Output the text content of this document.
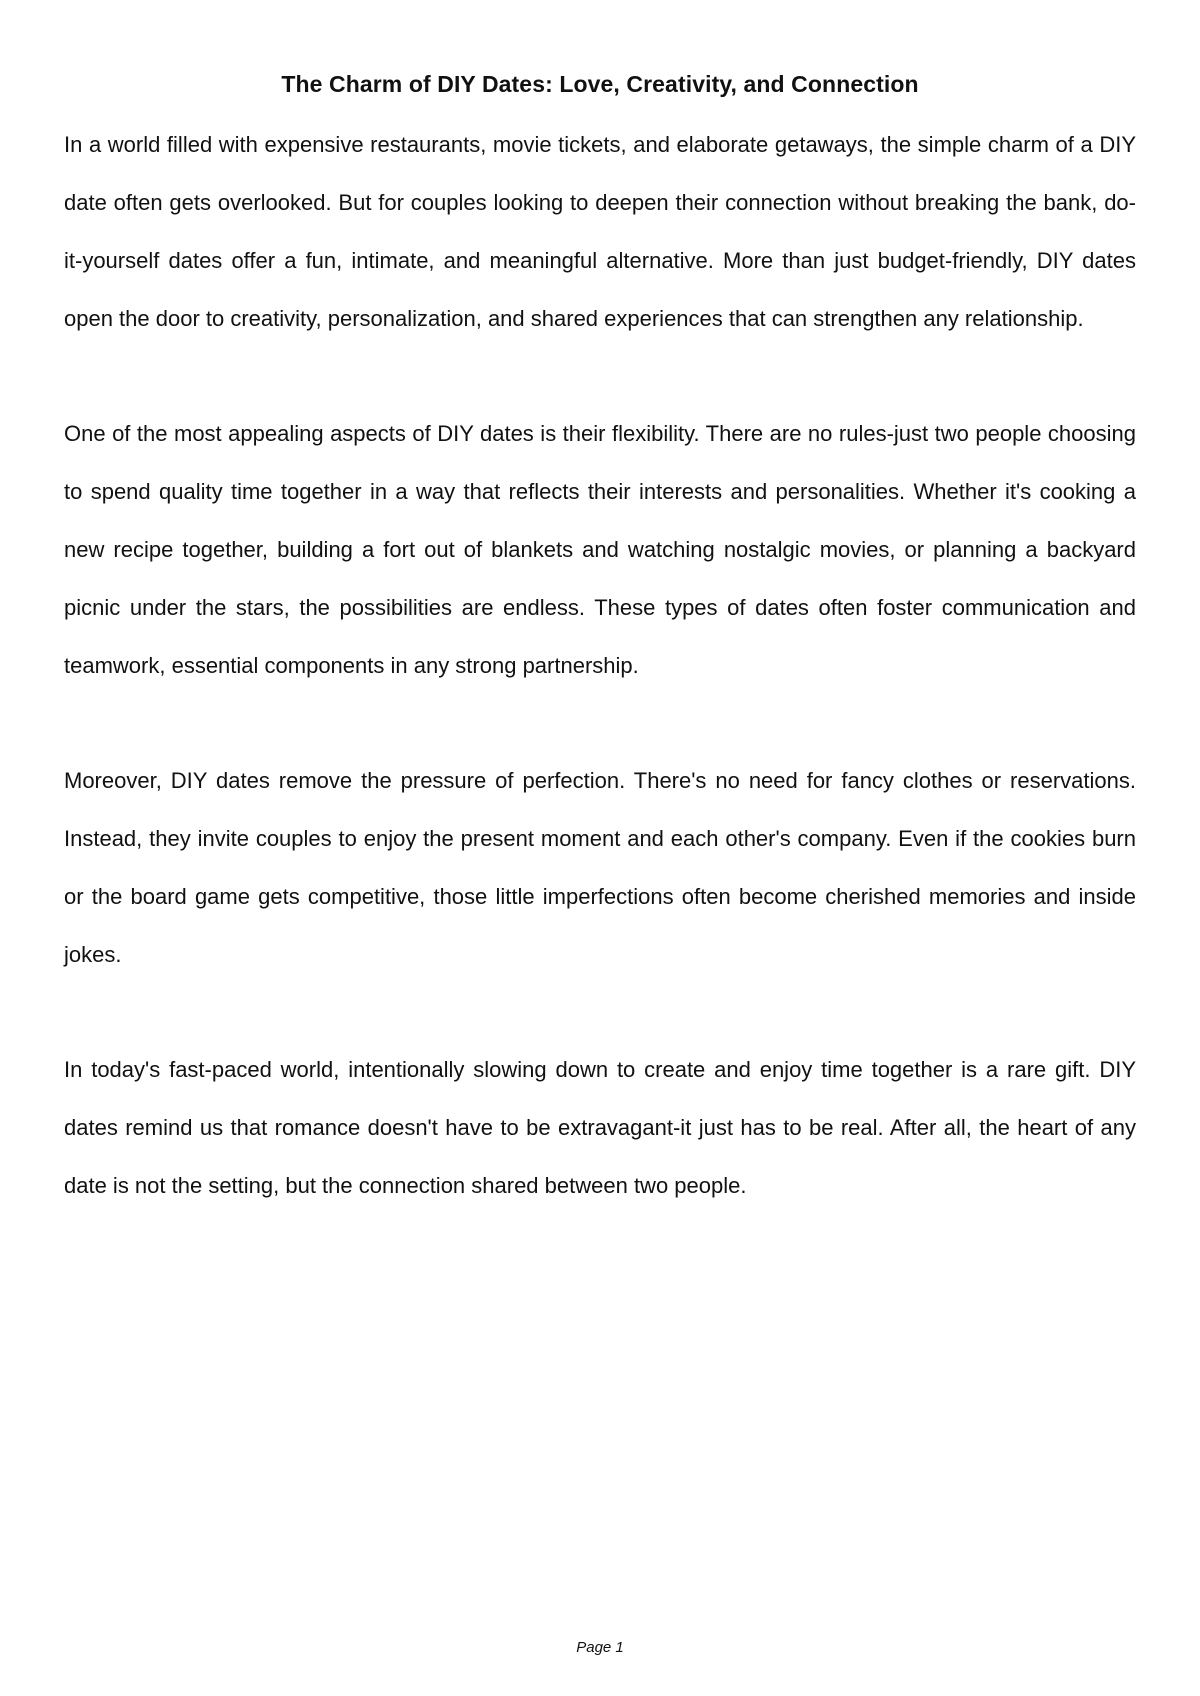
The Charm of DIY Dates: Love, Creativity, and Connection

In a world filled with expensive restaurants, movie tickets, and elaborate getaways, the simple charm of a DIY date often gets overlooked. But for couples looking to deepen their connection without breaking the bank, do-it-yourself dates offer a fun, intimate, and meaningful alternative. More than just budget-friendly, DIY dates open the door to creativity, personalization, and shared experiences that can strengthen any relationship.

One of the most appealing aspects of DIY dates is their flexibility. There are no rules-just two people choosing to spend quality time together in a way that reflects their interests and personalities. Whether it's cooking a new recipe together, building a fort out of blankets and watching nostalgic movies, or planning a backyard picnic under the stars, the possibilities are endless. These types of dates often foster communication and teamwork, essential components in any strong partnership.

Moreover, DIY dates remove the pressure of perfection. There's no need for fancy clothes or reservations. Instead, they invite couples to enjoy the present moment and each other's company. Even if the cookies burn or the board game gets competitive, those little imperfections often become cherished memories and inside jokes.

In today's fast-paced world, intentionally slowing down to create and enjoy time together is a rare gift. DIY dates remind us that romance doesn't have to be extravagant-it just has to be real. After all, the heart of any date is not the setting, but the connection shared between two people.

Page 1
